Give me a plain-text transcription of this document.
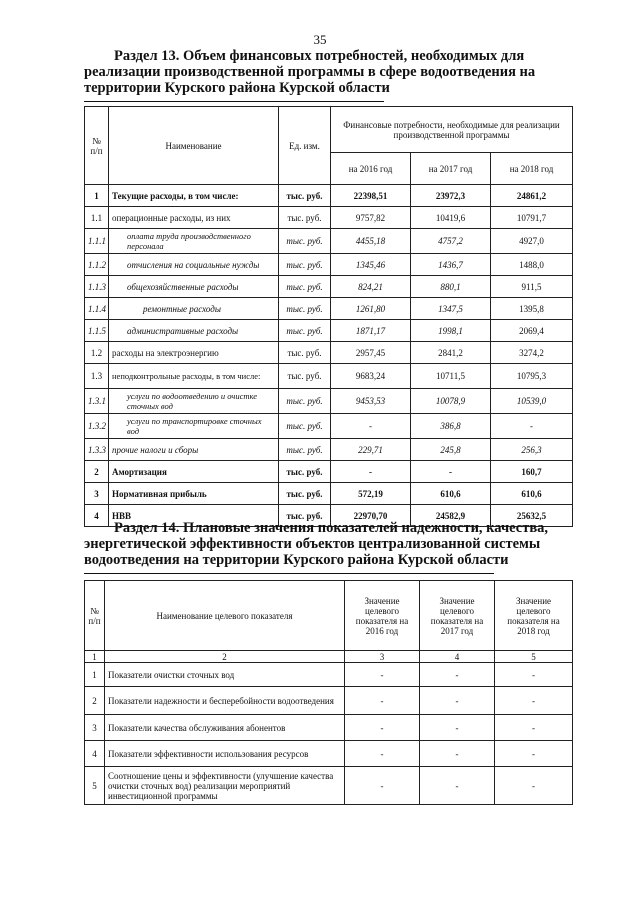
35
Раздел 13. Объем финансовых потребностей, необходимых для
реализации производственной программы в сфере водоотведения на
территории Курского района Курской области
№ п/п	Наименование	Ед. изм.	Финансовые потребности, необходимые для реализации производственной программы		
			на 2016 год	на 2017 год	на 2018 год
1	Текущие расходы, в том числе:	тыс. руб.	22398,51	23972,3	24861,2
1.1	операционные расходы, из них	тыс. руб.	9757,82	10419,6	10791,7
1.1.1	оплата труда производственного персонала	тыс. руб.	4455,18	4757,2	4927,0
1.1.2	отчисления на социальные нужды	тыс. руб.	1345,46	1436,7	1488,0
1.1.3	общехозяйственные расходы	тыс. руб.	824,21	880,1	911,5
1.1.4	ремонтные расходы	тыс. руб.	1261,80	1347,5	1395,8
1.1.5	административные расходы	тыс. руб.	1871,17	1998,1	2069,4
1.2	расходы на электроэнергию	тыс. руб.	2957,45	2841,2	3274,2
1.3	неподконтрольные расходы, в том числе:	тыс. руб.	9683,24	10711,5	10795,3
1.3.1	услуги по водоотведению и очистке сточных вод	тыс. руб.	9453,53	10078,9	10539,0
1.3.2	услуги по транспортировке сточных вод	тыс. руб.	-	386,8	-
1.3.3	прочие налоги и сборы	тыс. руб.	229,71	245,8	256,3
2	Амортизация	тыс. руб.	-	-	160,7
3	Нормативная прибыль	тыс. руб.	572,19	610,6	610,6
4	НВВ	тыс. руб.	22970,70	24582,9	25632,5
Раздел 14. Плановые значения показателей надежности, качества,
энергетической эффективности объектов централизованной системы
водоотведения на территории Курского района Курской области
№ п/п	Наименование целевого показателя	Значение целевого показателя на 2016 год	Значение целевого показателя на 2017 год	Значение целевого показателя на 2018 год
1	2	3	4	5
1	Показатели очистки сточных вод	-	-	-
2	Показатели надежности и бесперебойности водоотведения	-	-	-
3	Показатели качества обслуживания абонентов	-	-	-
4	Показатели эффективности использования ресурсов	-	-	-
5	Соотношение цены и эффективности (улучшение качества очистки сточных вод) реализации мероприятий инвестиционной программы	-	-	-
